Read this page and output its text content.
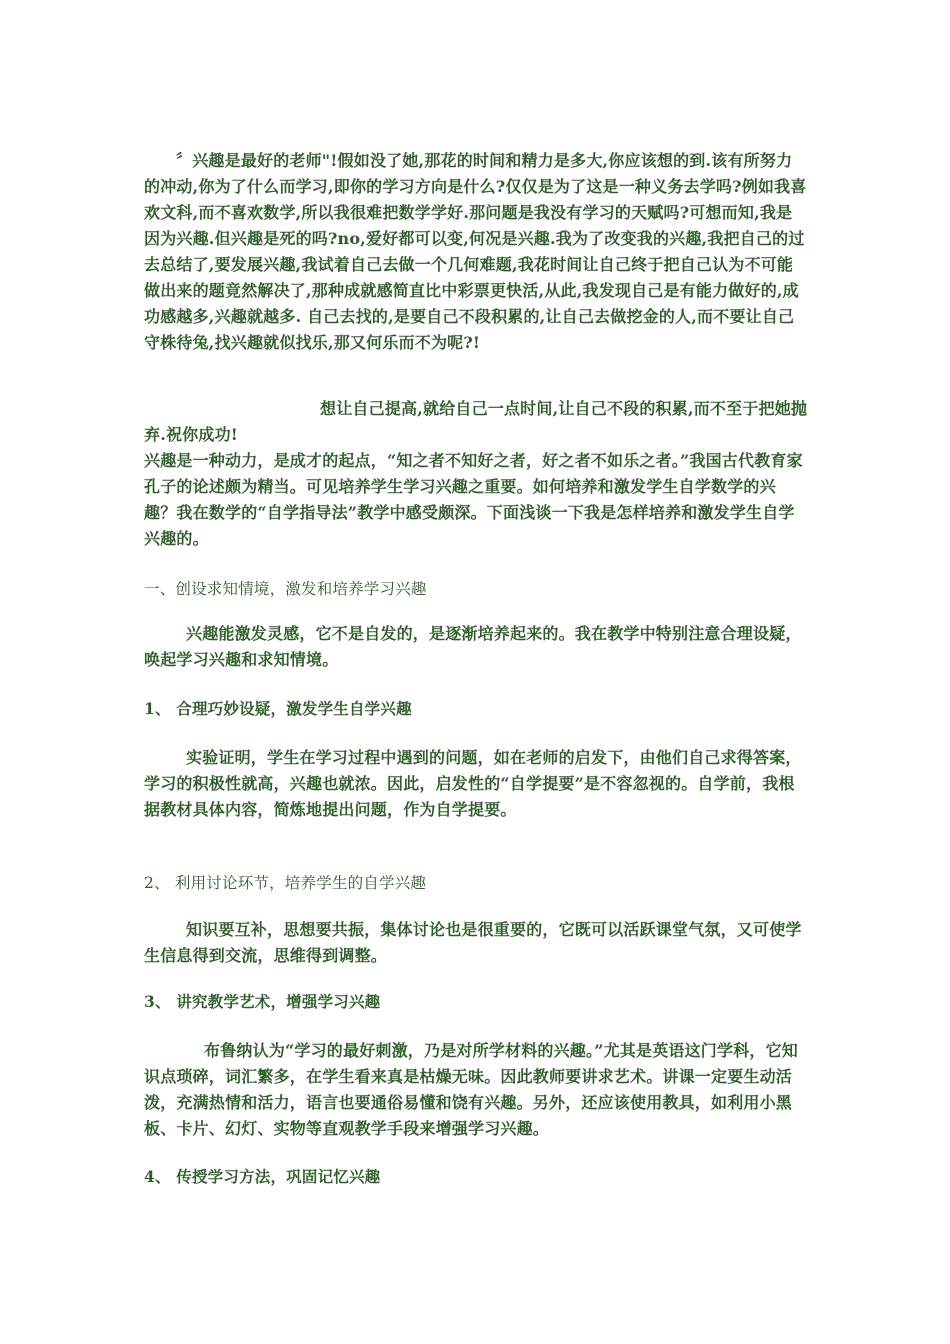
〞兴趣是最好的老师"!假如没了她,那花的时间和精力是多大,你应该想的到.该有所努力的冲动,你为了什么而学习,即你的学习方向是什么?仅仅是为了这是一种义务去学吗?例如我喜欢文科,而不喜欢数学,所以我很难把数学学好.那问题是我没有学习的天赋吗?可想而知,我是因为兴趣.但兴趣是死的吗?no,爱好都可以变,何况是兴趣.我为了改变我的兴趣,我把自己的过去总结了,要发展兴趣,我试着自己去做一个几何难题,我花时间让自己终于把自己认为不可能做出来的题竟然解决了,那种成就感简直比中彩票更快活,从此,我发现自己是有能力做好的,成功感越多,兴趣就越多. 自己去找的,是要自己不段积累的,让自己去做挖金的人,而不要让自己守株待兔,找兴趣就似找乐,那又何乐而不为呢?!

想让自己提高,就给自己一点时间,让自己不段的积累,而不至于把她抛弃.祝你成功!

兴趣是一种动力，是成才的起点，“知之者不知好之者，好之者不如乐之者。”我国古代教育家孔子的论述颇为精当。可见培养学生学习兴趣之重要。如何培养和激发学生自学数学的兴趣？我在数学的“自学指导法”教学中感受颇深。下面浅谈一下我是怎样培养和激发学生自学兴趣的。

一、创设求知情境，激发和培养学习兴趣

兴趣能激发灵感，它不是自发的，是逐渐培养起来的。我在教学中特别注意合理设疑，唤起学习兴趣和求知情境。

1、 合理巧妙设疑，激发学生自学兴趣

实验证明，学生在学习过程中遇到的问题，如在老师的启发下，由他们自己求得答案，学习的积极性就高，兴趣也就浓。因此，启发性的“自学提要”是不容忽视的。自学前，我根据教材具体内容，简炼地提出问题，作为自学提要。

2、 利用讨论环节，培养学生的自学兴趣

知识要互补，思想要共振，集体讨论也是很重要的，它既可以活跃课堂气氛，又可使学生信息得到交流，思维得到调整。

3、 讲究教学艺术，增强学习兴趣

布鲁纳认为“学习的最好刺激，乃是对所学材料的兴趣。”尤其是英语这门学科，它知识点琐碎，词汇繁多，在学生看来真是枯燥无味。因此教师要讲求艺术。讲课一定要生动活泼，充满热情和活力，语言也要通俗易懂和饶有兴趣。另外，还应该使用教具，如利用小黑板、卡片、幻灯、实物等直观教学手段来增强学习兴趣。

4、 传授学习方法，巩固记忆兴趣
